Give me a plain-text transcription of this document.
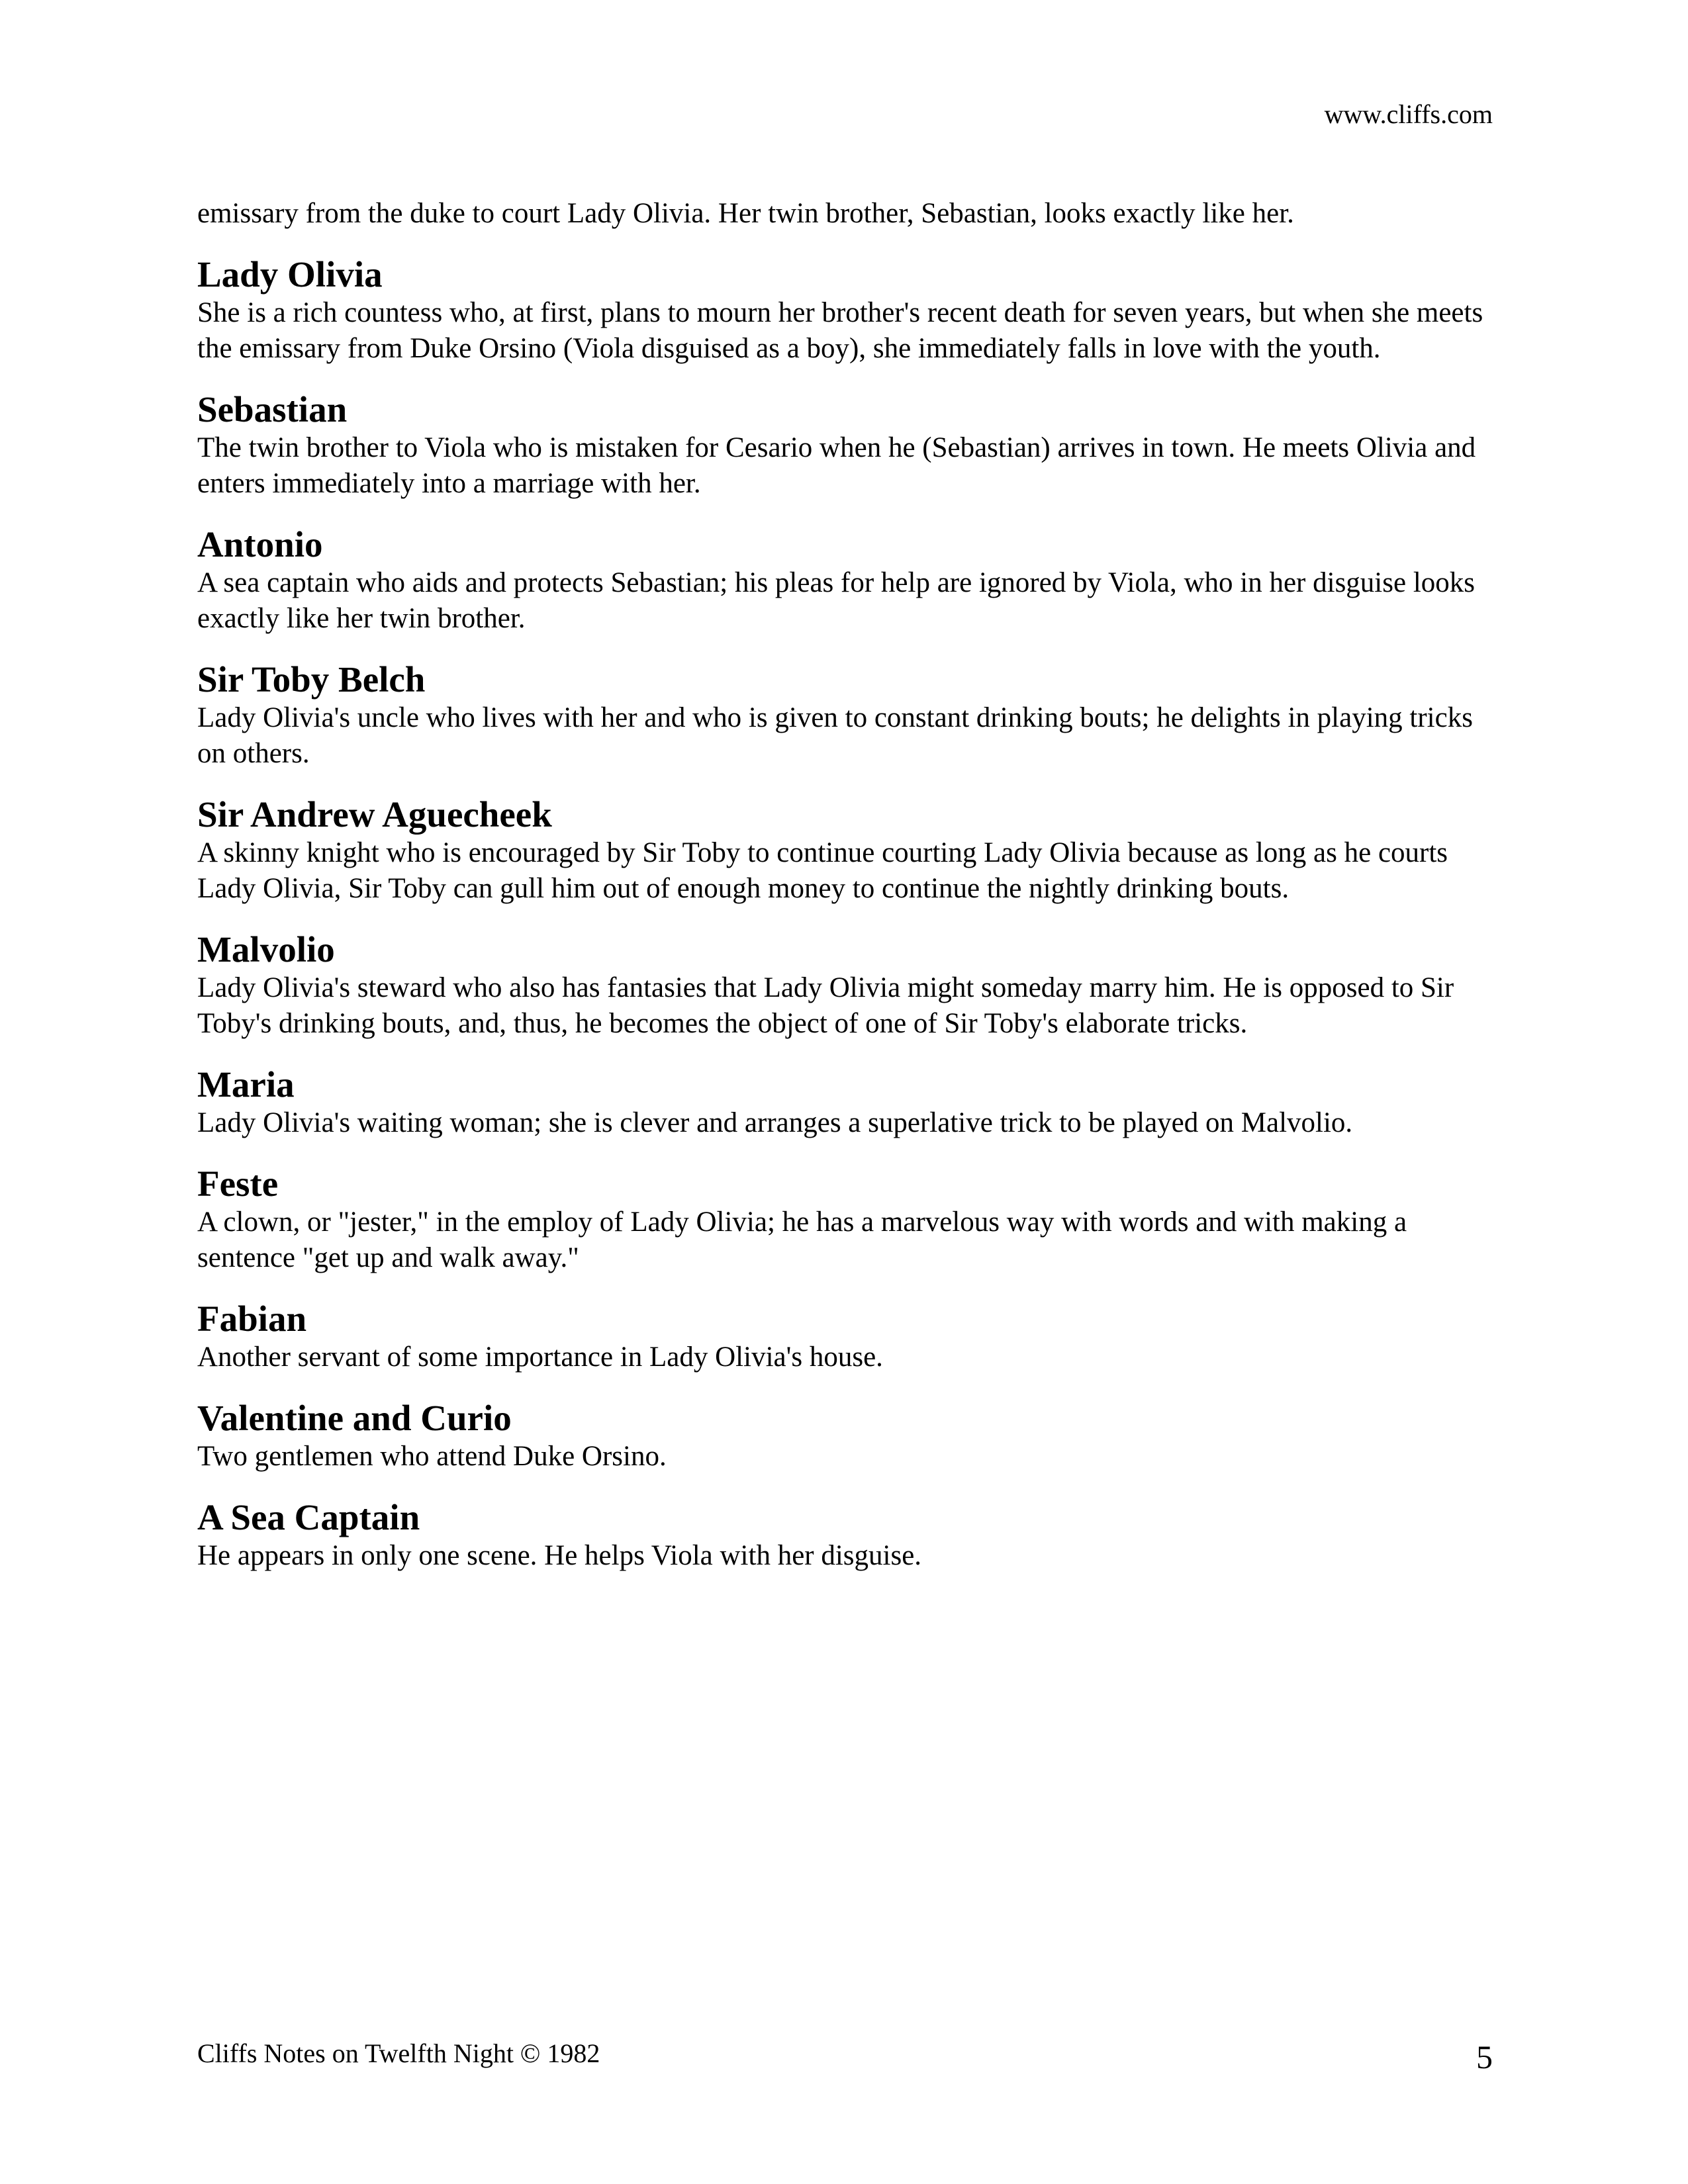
www.cliffs.com

emissary from the duke to court Lady Olivia. Her twin brother, Sebastian, looks exactly like her.

Lady Olivia

She is a rich countess who, at first, plans to mourn her brother's recent death for seven years, but when she meets the emissary from Duke Orsino (Viola disguised as a boy), she immediately falls in love with the youth.

Sebastian

The twin brother to Viola who is mistaken for Cesario when he (Sebastian) arrives in town. He meets Olivia and enters immediately into a marriage with her.

Antonio

A sea captain who aids and protects Sebastian; his pleas for help are ignored by Viola, who in her disguise looks exactly like her twin brother.

Sir Toby Belch

Lady Olivia's uncle who lives with her and who is given to constant drinking bouts; he delights in playing tricks on others.

Sir Andrew Aguecheek

A skinny knight who is encouraged by Sir Toby to continue courting Lady Olivia because as long as he courts Lady Olivia, Sir Toby can gull him out of enough money to continue the nightly drinking bouts.

Malvolio

Lady Olivia's steward who also has fantasies that Lady Olivia might someday marry him. He is opposed to Sir Toby's drinking bouts, and, thus, he becomes the object of one of Sir Toby's elaborate tricks.

Maria

Lady Olivia's waiting woman; she is clever and arranges a superlative trick to be played on Malvolio.

Feste

A clown, or "jester," in the employ of Lady Olivia; he has a marvelous way with words and with making a sentence "get up and walk away."

Fabian

Another servant of some importance in Lady Olivia's house.

Valentine and Curio

Two gentlemen who attend Duke Orsino.

A Sea Captain

He appears in only one scene. He helps Viola with her disguise.

Cliffs Notes on Twelfth Night © 1982	5
